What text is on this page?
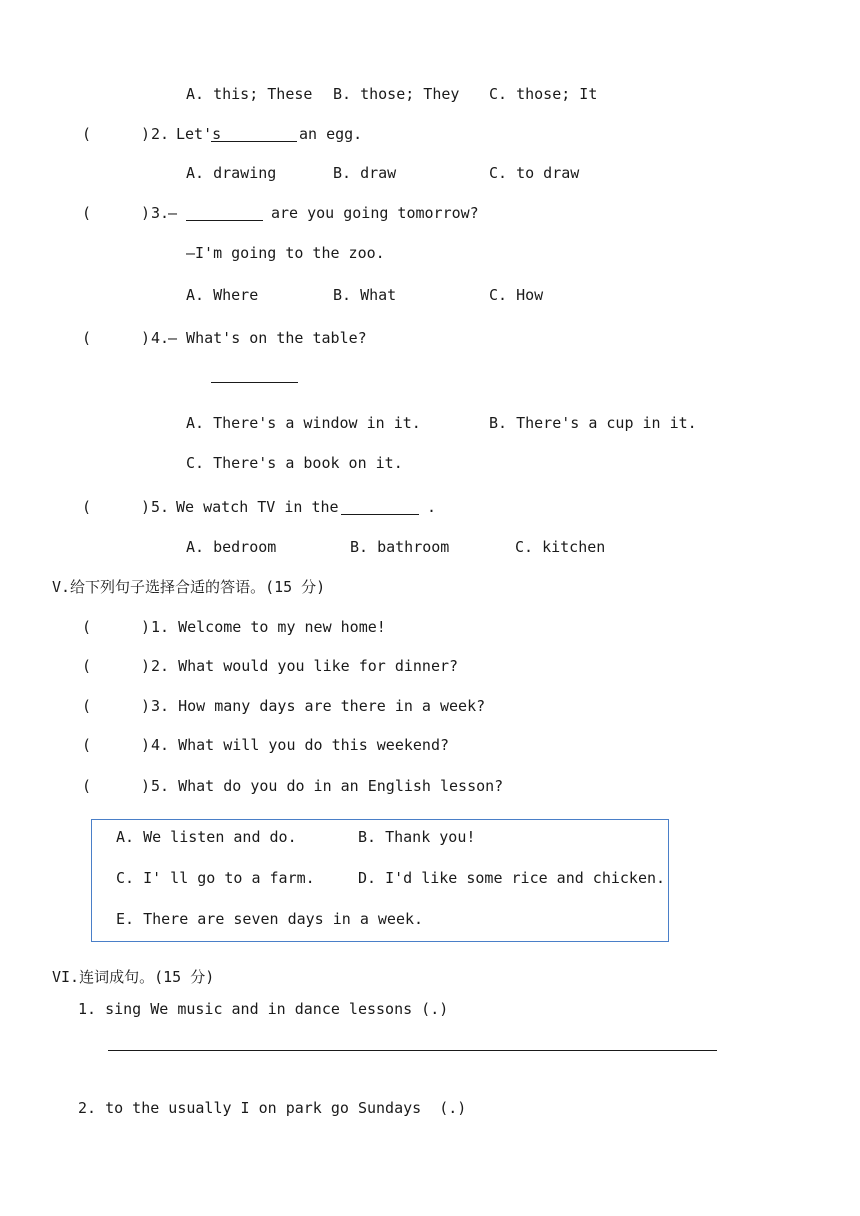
A. this; These B. those; They C. those; It
(	) 2. Let's	an egg.
A. drawing	B. draw	C. to draw
(	) 3.
—	are you going tomorrow?
—I'm going to the zoo.
A. Where	B. What	C. How
(	) 4.
— What's on the table?
A. There's a window in it.	B. There's a cup in it.
C. There's a book on it.
(	) 5. We watch TV in the	.
A. bedroom	B. bathroom	C. kitchen
V.给下列句子选择合适的答语。(15 分)
(	) 1. Welcome to my new home!
(	) 2. What would you like for dinner?
(	) 3. How many days are there in a week?
(	) 4. What will you do this weekend?
(	) 5. What do you do in an English lesson?
A. We listen and do.	B. Thank you!
C. I' ll go to a farm.	D. I'd like some rice and chicken.
E. There are seven days in a week.
VI.连词成句。(15 分)
1. sing We music and in dance lessons (.)
2. to the usually I on park go Sundays  (.)
